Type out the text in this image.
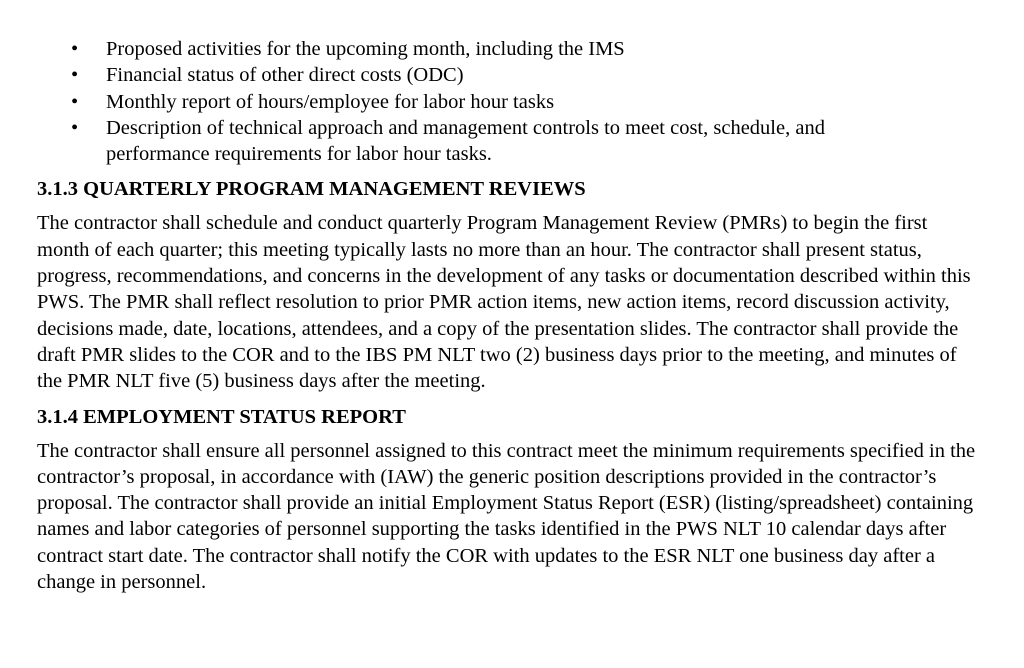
• Proposed activities for the upcoming month, including the IMS
• Financial status of other direct costs (ODC)
• Monthly report of hours/employee for labor hour tasks
• Description of technical approach and management controls to meet cost, schedule, and performance requirements for labor hour tasks.
3.1.3 QUARTERLY PROGRAM MANAGEMENT REVIEWS

The contractor shall schedule and conduct quarterly Program Management Review (PMRs) to begin the first month of each quarter; this meeting typically lasts no more than an hour. The contractor shall present status, progress, recommendations, and concerns in the development of any tasks or documentation described within this PWS. The PMR shall reflect resolution to prior PMR action items, new action items, record discussion activity, decisions made, date, locations, attendees, and a copy of the presentation slides. The contractor shall provide the draft PMR slides to the COR and to the IBS PM NLT two (2) business days prior to the meeting, and minutes of the PMR NLT five (5) business days after the meeting.

3.1.4 EMPLOYMENT STATUS REPORT

The contractor shall ensure all personnel assigned to this contract meet the minimum requirements specified in the contractor’s proposal, in accordance with (IAW) the generic position descriptions provided in the contractor’s proposal. The contractor shall provide an initial Employment Status Report (ESR) (listing/spreadsheet) containing names and labor categories of personnel supporting the tasks identified in the PWS NLT 10 calendar days after contract start date. The contractor shall notify the COR with updates to the ESR NLT one business day after a change in personnel.
